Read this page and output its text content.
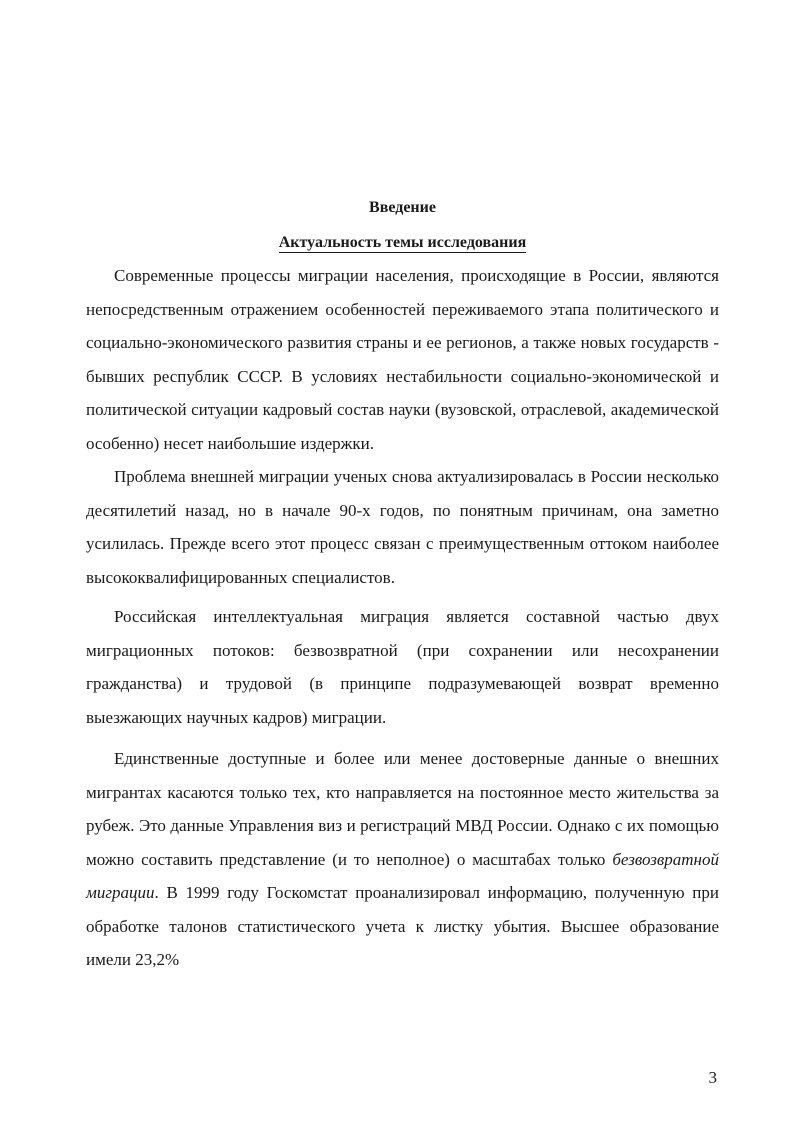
Введение

Актуальность темы исследования

Современные процессы миграции населения, происходящие в России, являются непосредственным отражением особенностей переживаемого этапа политического и социально-экономического развития страны и ее регионов, а также новых государств - бывших республик СССР. В условиях нестабильности социально-экономической и политической ситуации кадровый состав науки (вузовской, отраслевой, академической особенно) несет наибольшие издержки.

Проблема внешней миграции ученых снова актуализировалась в России несколько десятилетий назад, но в начале 90-х годов, по понятным причинам, она заметно усилилась. Прежде всего этот процесс связан с преимущественным оттоком наиболее высококвалифицированных специалистов.

Российская интеллектуальная миграция является составной частью двух миграционных потоков: безвозвратной (при сохранении или несохранении гражданства) и трудовой (в принципе подразумевающей возврат временно выезжающих научных кадров) миграции.

Единственные доступные и более или менее достоверные данные о внешних мигрантах касаются только тех, кто направляется на постоянное место жительства за рубеж. Это данные Управления виз и регистраций МВД России. Однако с их помощью можно составить представление (и то неполное) о масштабах только безвозвратной миграции. В 1999 году Госкомстат проанализировал информацию, полученную при обработке талонов статистического учета к листку убытия. Высшее образование имели 23,2%

3
